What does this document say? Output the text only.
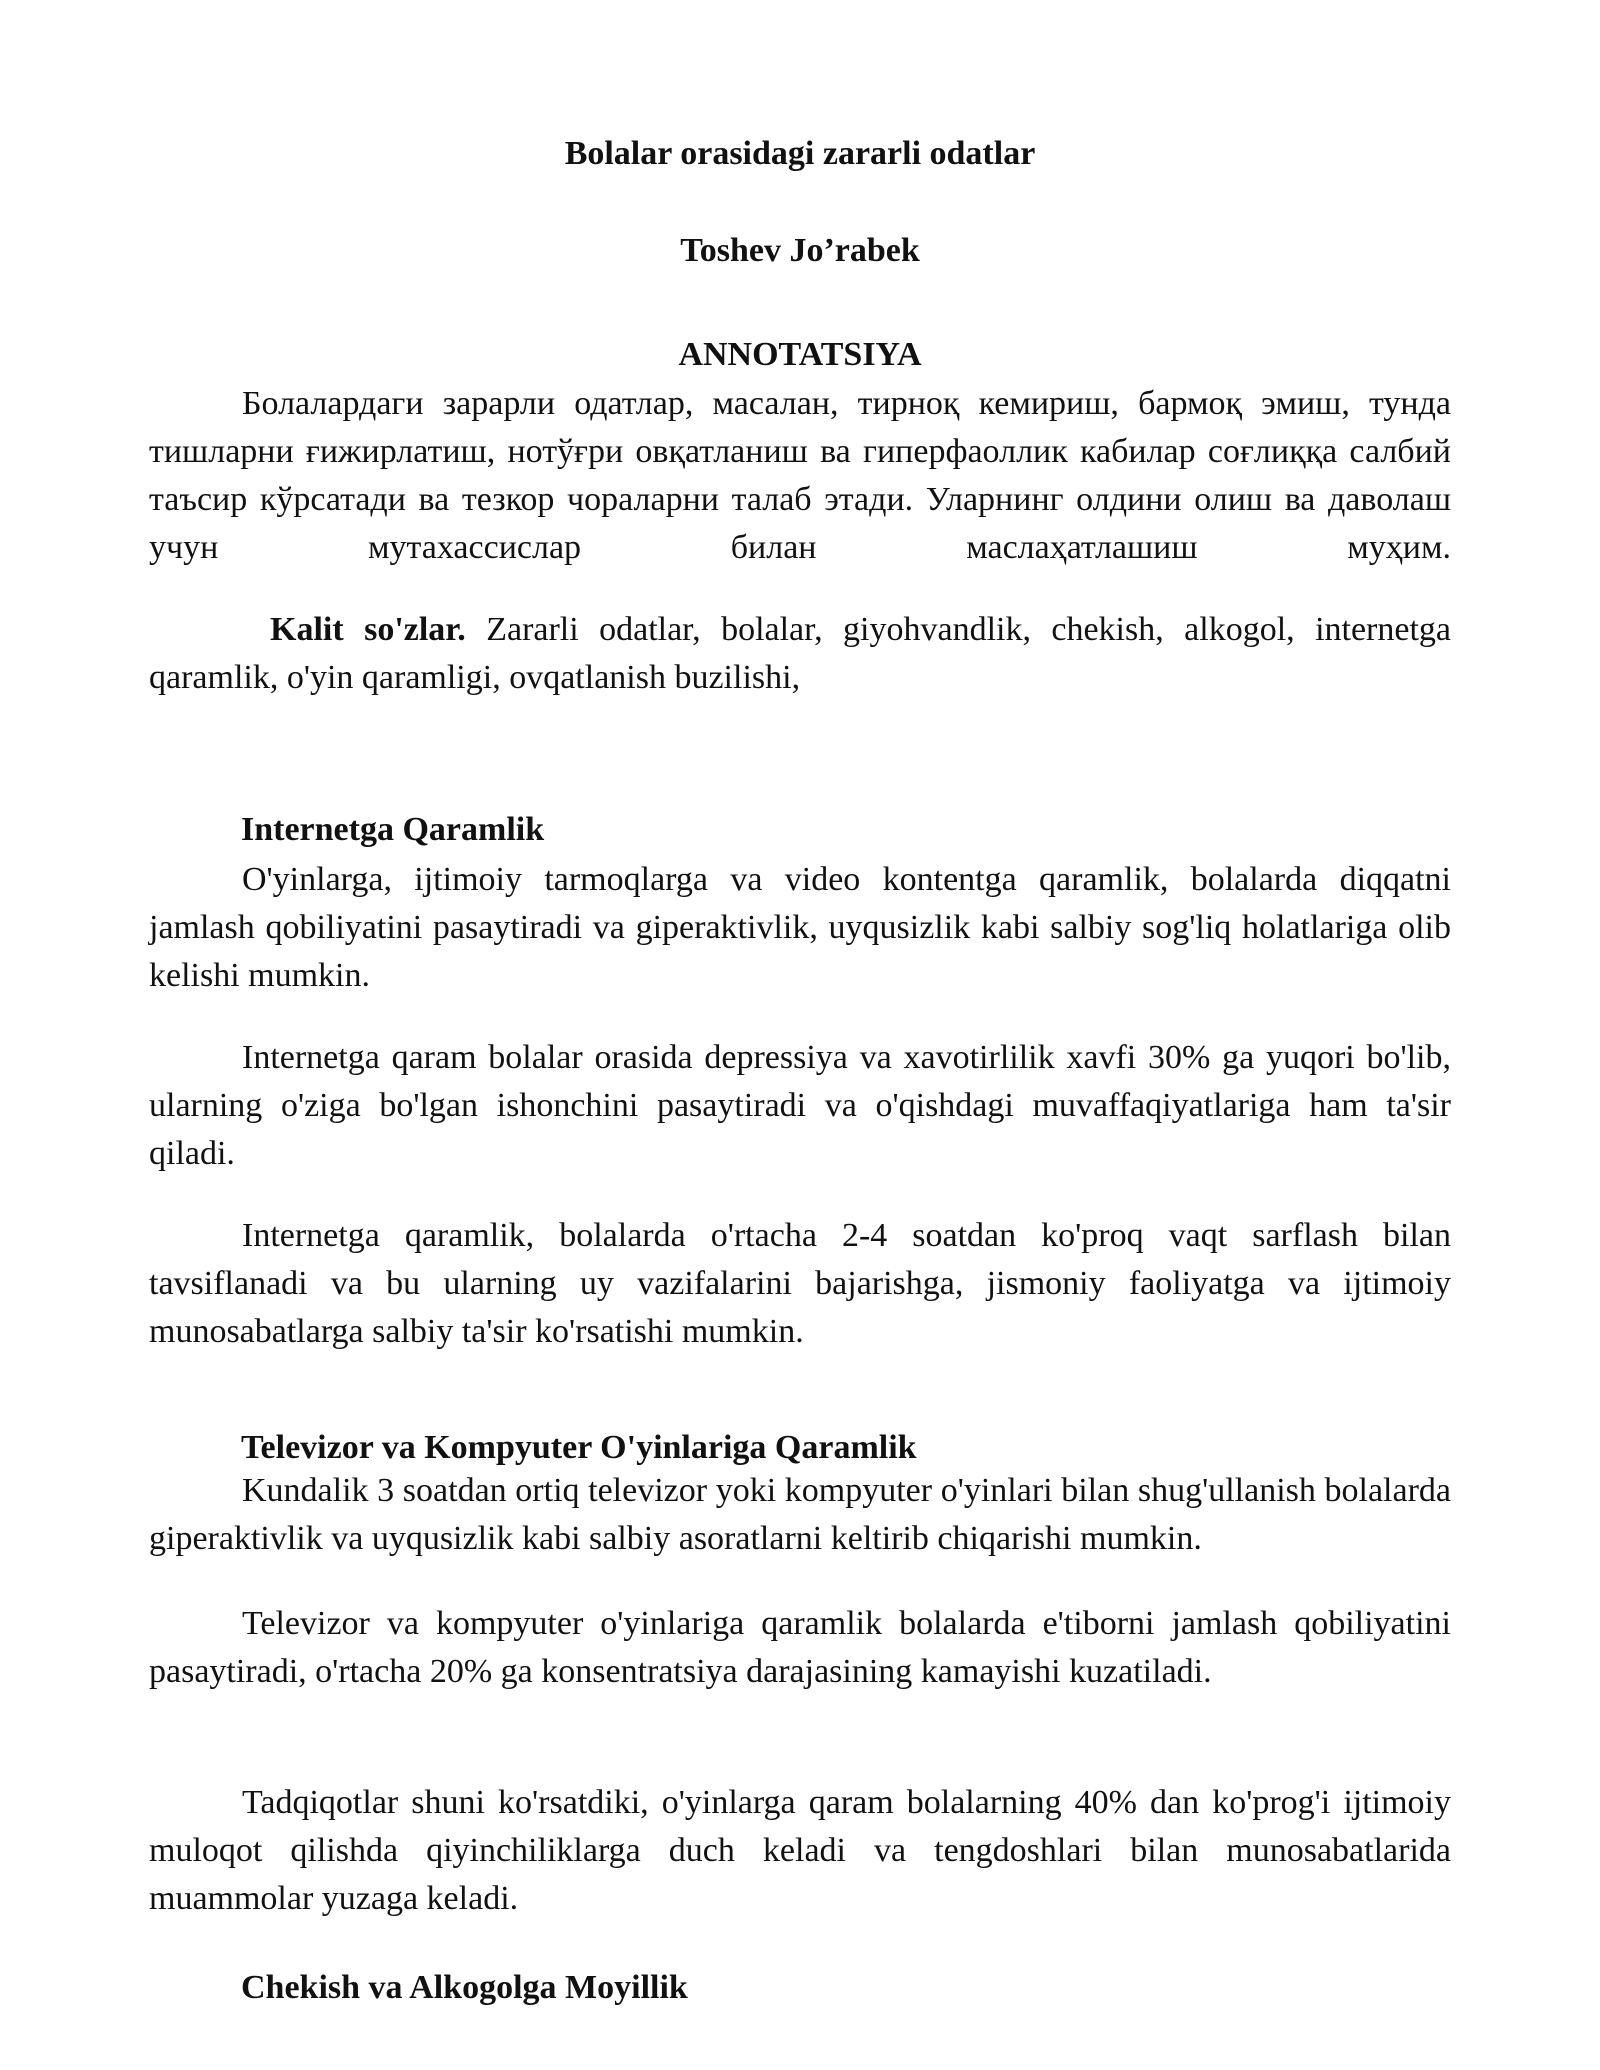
Bolalar orasidagi zararli odatlar

Toshev Jo’rabek

ANNOTATSIYA

Болалардаги зарарли одатлар, масалан, тирноқ кемириш, бармоқ эмиш, тунда тишларни ғижирлатиш, нотўғри овқатланиш ва гиперфаоллик кабилар соғлиққа салбий таъсир кўрсатади ва тезкор чораларни талаб этади. Уларнинг олдини олиш ва даволаш учун мутахассислар билан маслаҳатлашиш муҳим.

Kalit so'zlar. Zararli odatlar, bolalar, giyohvandlik, chekish, alkogol, internetga qaramlik, o'yin qaramligi, ovqatlanish buzilishi,

Internetga Qaramlik

O'yinlarga, ijtimoiy tarmoqlarga va video kontentga qaramlik, bolalarda diqqatni jamlash qobiliyatini pasaytiradi va giperaktivlik, uyqusizlik kabi salbiy sog'liq holatlariga olib kelishi mumkin.

Internetga qaram bolalar orasida depressiya va xavotirlilik xavfi 30% ga yuqori bo'lib, ularning o'ziga bo'lgan ishonchini pasaytiradi va o'qishdagi muvaffaqiyatlariga ham ta'sir qiladi.

Internetga qaramlik, bolalarda o'rtacha 2-4 soatdan ko'proq vaqt sarflash bilan tavsiflanadi va bu ularning uy vazifalarini bajarishga, jismoniy faoliyatga va ijtimoiy munosabatlarga salbiy ta'sir ko'rsatishi mumkin.

Televizor va Kompyuter O'yinlariga Qaramlik

Kundalik 3 soatdan ortiq televizor yoki kompyuter o'yinlari bilan shug'ullanish bolalarda giperaktivlik va uyqusizlik kabi salbiy asoratlarni keltirib chiqarishi mumkin.

Televizor va kompyuter o'yinlariga qaramlik bolalarda e'tiborni jamlash qobiliyatini pasaytiradi, o'rtacha 20% ga konsentratsiya darajasining kamayishi kuzatiladi.

Tadqiqotlar shuni ko'rsatdiki, o'yinlarga qaram bolalarning 40% dan ko'prog'i ijtimoiy muloqot qilishda qiyinchiliklarga duch keladi va tengdoshlari bilan munosabatlarida muammolar yuzaga keladi.

Chekish va Alkogolga Moyillik
